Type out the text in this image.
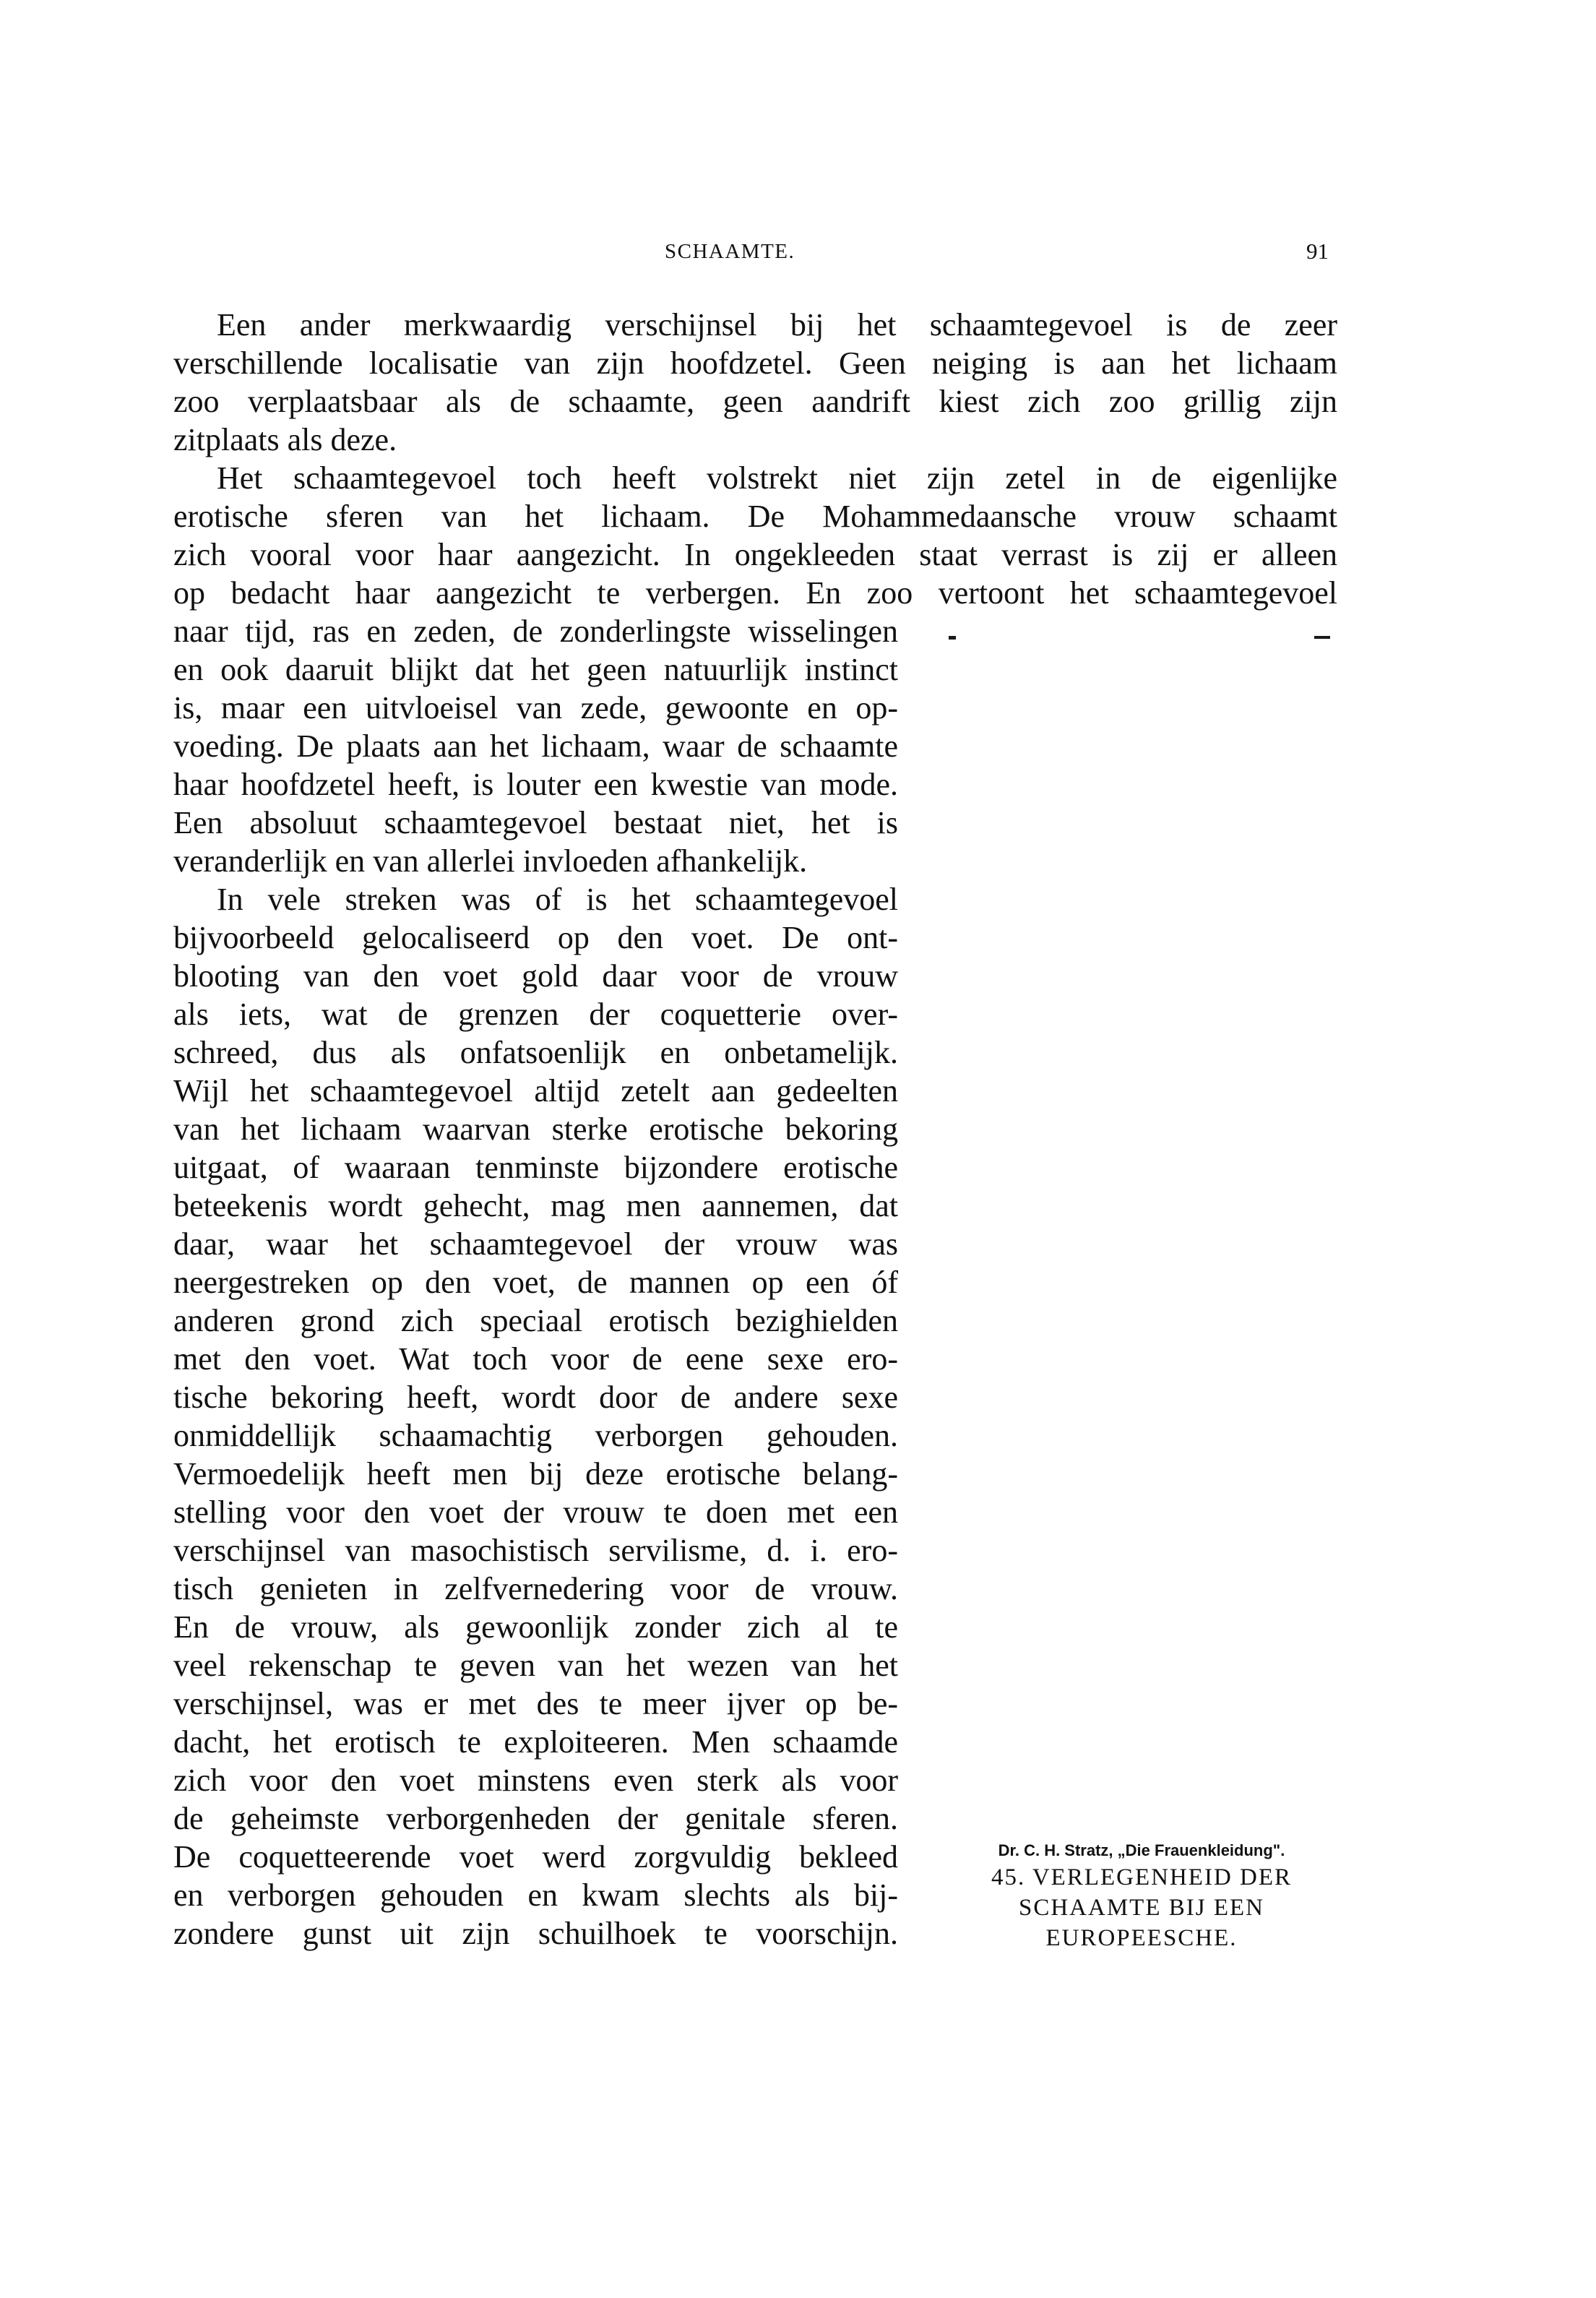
SCHAAMTE.	91
Een ander merkwaardig verschijnsel bij het schaamtegevoel is de zeer
verschillende localisatie van zijn hoofdzetel. Geen neiging is aan het lichaam
zoo verplaatsbaar als de schaamte, geen aandrift kiest zich zoo grillig zijn
zitplaats als deze.
Het schaamtegevoel toch heeft volstrekt niet zijn zetel in de eigenlijke
erotische sferen van het lichaam. De Mohammedaansche vrouw schaamt
zich vooral voor haar aangezicht. In ongekleeden staat verrast is zij er alleen
op bedacht haar aangezicht te verbergen. En zoo vertoont het schaamtegevoel
naar tijd, ras en zeden, de zonderlingste wisselingen
en ook daaruit blijkt dat het geen natuurlijk instinct
is, maar een uitvloeisel van zede, gewoonte en op-
voeding. De plaats aan het lichaam, waar de schaamte
haar hoofdzetel heeft, is louter een kwestie van mode.
Een absoluut schaamtegevoel bestaat niet, het is
veranderlijk en van allerlei invloeden afhankelijk.
In vele streken was of is het schaamtegevoel
bijvoorbeeld gelocaliseerd op den voet. De ont-
blooting van den voet gold daar voor de vrouw
als iets, wat de grenzen der coquetterie over-
schreed, dus als onfatsoenlijk en onbetamelijk.
Wijl het schaamtegevoel altijd zetelt aan gedeelten
van het lichaam waarvan sterke erotische bekoring
uitgaat, of waaraan tenminste bijzondere erotische
beteekenis wordt gehecht, mag men aannemen, dat
daar, waar het schaamtegevoel der vrouw was
neergestreken op den voet, de mannen op een óf
anderen grond zich speciaal erotisch bezighielden
met den voet. Wat toch voor de eene sexe ero-
tische bekoring heeft, wordt door de andere sexe
onmiddellijk schaamachtig verborgen gehouden.
Vermoedelijk heeft men bij deze erotische belang-
stelling voor den voet der vrouw te doen met een
verschijnsel van masochistisch servilisme, d. i. ero-
tisch genieten in zelfvernedering voor de vrouw.
En de vrouw, als gewoonlijk zonder zich al te
veel rekenschap te geven van het wezen van het
verschijnsel, was er met des te meer ijver op be-
dacht, het erotisch te exploiteeren. Men schaamde
zich voor den voet minstens even sterk als voor
de geheimste verborgenheden der genitale sferen.
De coquetteerende voet werd zorgvuldig bekleed
en verborgen gehouden en kwam slechts als bij-
zondere gunst uit zijn schuilhoek te voorschijn.
Dr. C. H. Stratz, „Die Frauenkleidung".
45. VERLEGENHEID DER
SCHAAMTE BIJ EEN
EUROPEESCHE.
